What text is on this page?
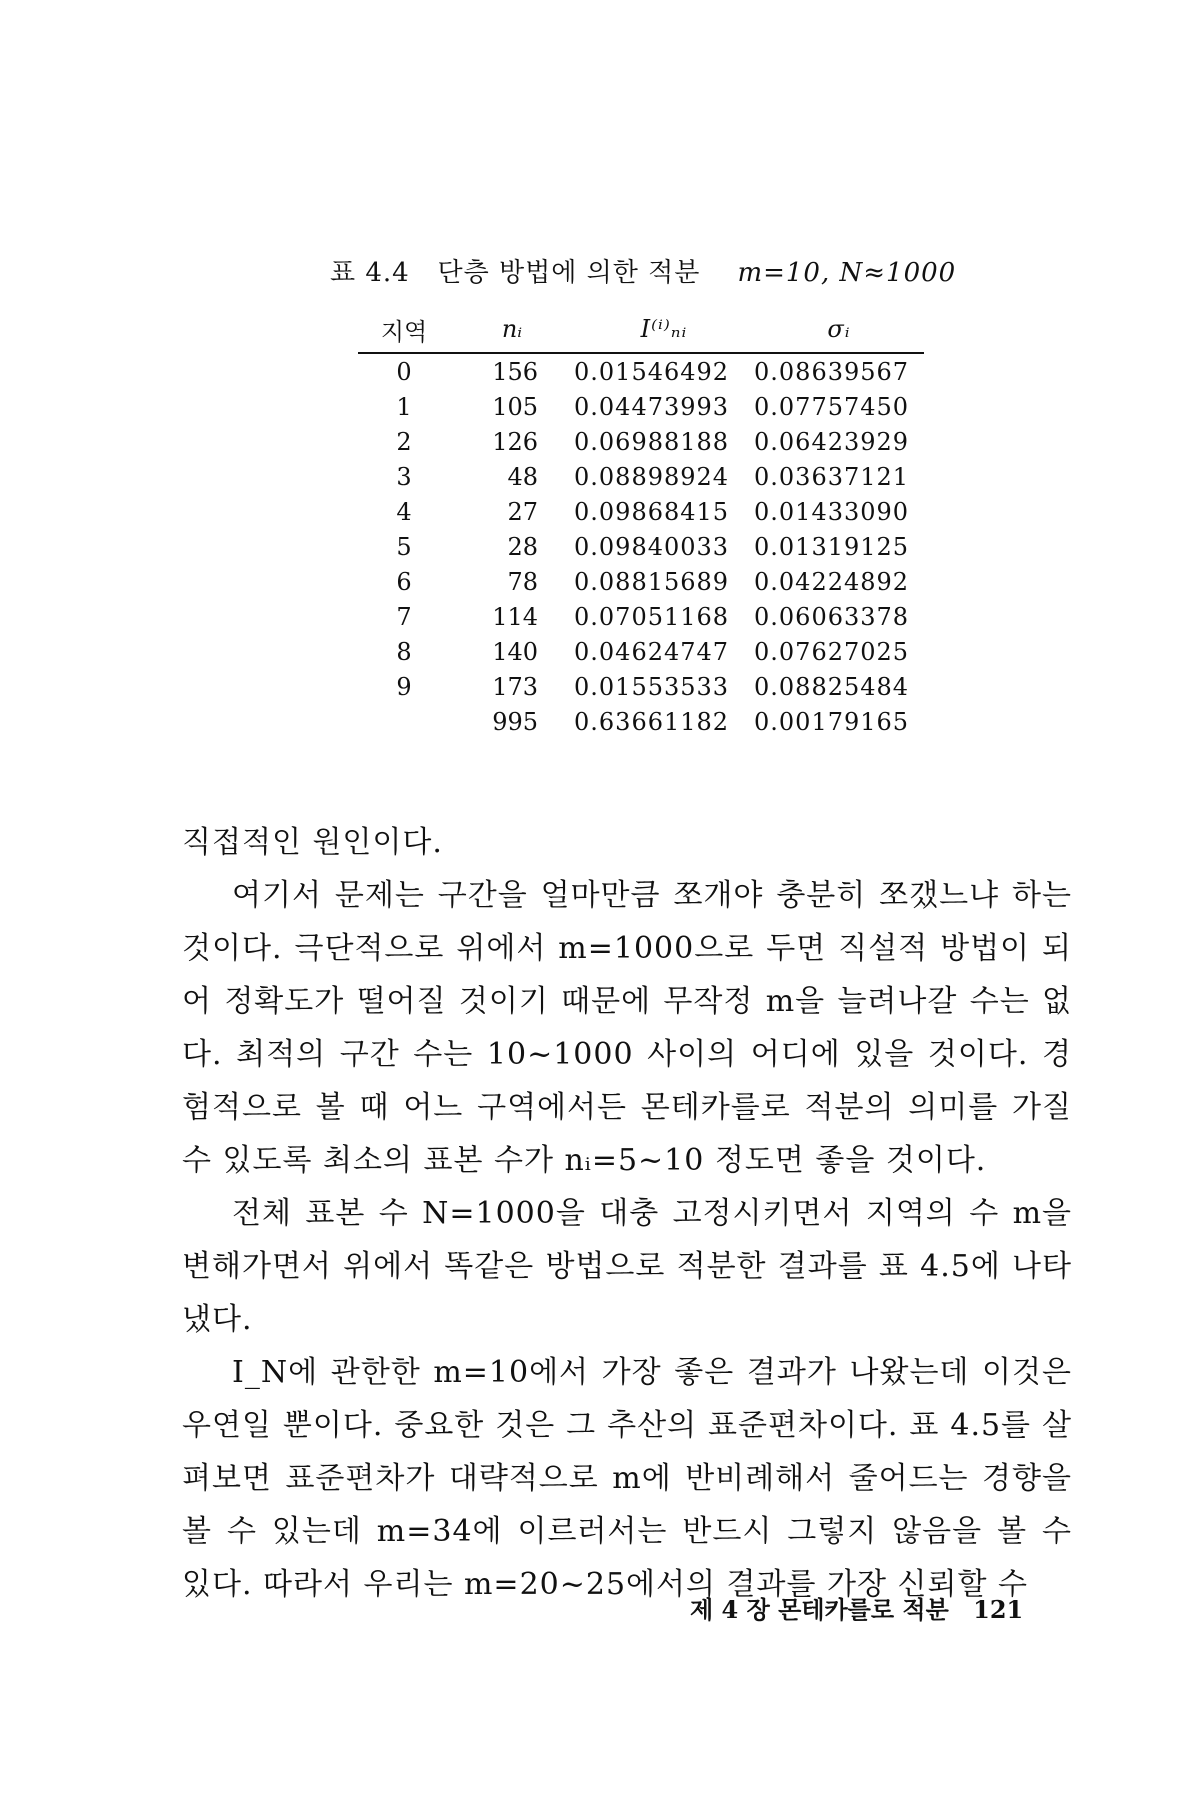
표 4.4 단층 방법에 의한 적분 m=10, N≈1000
지역	nᵢ	I⁽ⁱ⁾ₙᵢ	σᵢ
0	156	0.01546492	0.08639567
1	105	0.04473993	0.07757450
2	126	0.06988188	0.06423929
3	48	0.08898924	0.03637121
4	27	0.09868415	0.01433090
5	28	0.09840033	0.01319125
6	78	0.08815689	0.04224892
7	114	0.07051168	0.06063378
8	140	0.04624747	0.07627025
9	173	0.01553533	0.08825484
	995	0.63661182	0.00179165

직접적인 원인이다.

여기서 문제는 구간을 얼마만큼 쪼개야 충분히 쪼갰느냐 하는 것이다. 극단적으로 위에서 m=1000으로 두면 직설적 방법이 되어 정확도가 떨어질 것이기 때문에 무작정 m을 늘려나갈 수는 없다. 최적의 구간 수는 10~1000 사이의 어디에 있을 것이다. 경험적으로 볼 때 어느 구역에서든 몬테카를로 적분의 의미를 가질 수 있도록 최소의 표본 수가 nᵢ=5~10 정도면 좋을 것이다.

전체 표본 수 N=1000을 대충 고정시키면서 지역의 수 m을 변해가면서 위에서 똑같은 방법으로 적분한 결과를 표 4.5에 나타냈다.

I_N에 관한한 m=10에서 가장 좋은 결과가 나왔는데 이것은 우연일 뿐이다. 중요한 것은 그 추산의 표준편차이다. 표 4.5를 살펴보면 표준편차가 대략적으로 m에 반비례해서 줄어드는 경향을 볼 수 있는데 m=34에 이르러서는 반드시 그렇지 않음을 볼 수 있다. 따라서 우리는 m=20~25에서의 결과를 가장 신뢰할 수

제 4 장 몬테카를로 적분 121
